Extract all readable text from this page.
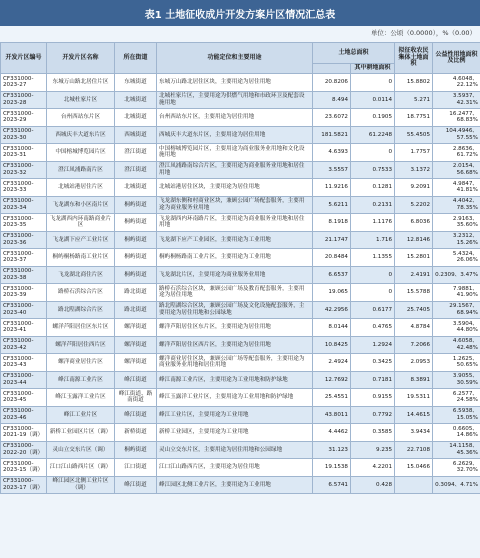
表1 土地征收成片开发方案片区情况汇总表
单位：公顷（0.0000），%（0.00）
开发片区编号	开发片区名称	所在街道	功能定位和主要用途	土地总面积		拟征收农民集体土地面积	公益性用地面积及比例
					其中耕地面积		
CF331000-2023-27	东城万山路北居住片区	东城街道	东城万山路北居住区块，主要用途为居住用地	20.8206	0	15.8802	4.6048、22.12%
CF331000-2023-28	北城杜家片区	北城街道	北城杜家片区，主要用途为供燃气用地和市政环卫及配套设施用地	8.494	0.0114	5.271	3.5937、42.31%
CF331000-2023-29	台州西站东片区	北城街道	台州西站东片区，主要用途为居住用地	23.6072	0.1905	18.7751	16.2477、68.83%
CF331000-2023-30	西城庆丰大道东片区	西城街道	西城庆丰大道东片区，主要用途为居住用地	181.5821	61.2248	55.4505	104.4946、57.55%
CF331000-2023-31	中国榕城博览园片区	澄江街道	中国榕城博览园片区，主要用途为商业服务业用地和文化设施用地	4.6393	0	1.7757	2.8636、61.72%
CF331000-2023-32	澄江凤浦路南片区	澄江街道	澄江凤浦路南综合片区，主要用途为商业服务业用地和居住用地	3.5557	0.7533	3.1372	2.0154、56.68%
CF331000-2023-33	北城站港居住片区	北城街道	北城站港居住区块，主要用途为居住用地	11.9216	0.1281	9.2091	4.9847、41.81%
CF331000-2023-34	飞龙湖东和小区南片区	桐屿街道	飞龙湖东侧和村商业区块，兼顾公园广场配套服务，主要用途为商业服务业用地	5.6211	0.2131	5.2202	4.4042、78.35%
CF331000-2023-35	飞龙湖西内环南路商业片区	桐屿街道	飞龙湖西内环南路片区，主要用途为商业服务业用地和居住用地	8.1918	1.1176	6.8036	2.9163、35.60%
CF331000-2023-36	飞龙湖下应产工业片区	桐屿街道	飞龙湖下应产工业园区，主要用途为工业用地	21.1747	1.716	12.8146	3.2312、15.26%
CF331000-2023-37	桐屿桐杨路南工业片区	桐屿街道	桐屿桐杨路南工业片区，主要用途为工业用地	20.8484	1.1355	15.2801	5.4324、26.06%
CF331000-2023-38	飞龙湖北商住片区	桐屿街道	飞龙湖北片区，主要用途为商业服务业用地	6.6537	0	2.4191	0.2309、3.47%
CF331000-2023-39	路桥石浜综合片区	路北街道	路桥石浜综合区块，兼顾公园广场及教育配套服务，主要用途为居住用地	19.065	0	15.5788	7.9881、41.90%
CF331000-2023-40	路北隍湖综合片区	路北街道	路北隍湖综合区块，兼顾公园广场及文化设施配套服务，主要用途为居住用地和公园绿地	42.2956	0.6177	25.7405	29.1567、68.94%
CF331000-2023-41	螺洋芦阳居住区东片区	螺洋街道	螺洋芦阳居住区东片区，主要用途为居住用地	8.0144	0.4765	4.8784	3.5904、44.80%
CF331000-2023-42	螺洋芦阳居住西片区	螺洋街道	螺洋芦阳居住区西片区，主要用途为居住用地	10.8425	1.2924	7.2066	4.6058、42.48%
CF331000-2023-43	螺洋商业居住片区	螺洋街道	螺洋商业居住区块，兼顾公园广场等配套服务，主要用途为商业服务业用地和居住用地	2.4924	0.3425	2.0953	1.2625、50.65%
CF331000-2023-44	峰江南源工业片区	峰江街道	峰江南源工业片区，主要用途为工业用地和防护绿地	12.7692	0.7181	8.3891	3.9055、30.59%
CF331000-2023-45	峰江玉露洋工业片区	峰江街道、路南街道	峰江玉露洋工业片区，主要用途为工业用地和防护绿地	25.4551	0.9155	19.5311	6.2577、24.58%
CF331000-2023-46	峰江工业片区	峰江街道	峰江工业片区，主要用途为工业用地	43.8011	0.7792	14.4615	6.5938、15.05%
CF331000-2021-19（调）	新桥工业园区片区（调）	新桥街道	新桥工业园区，主要用途为工业用地	4.4462	0.3585	3.9434	0.6605、14.86%
CF331000-2022-20（调）	灵山立交东片区（调）	桐屿街道	灵山立交东片区，主要用途为居住用地和公园绿地	31.123	9.235	22.7108	14.1158、45.36%
CF331000-2023-15（调）	江口江山路西片区（调）	江口街道	江口江山路西片区，主要用途为居住用地	19.1538	4.2201	15.0466	6.2629、32.70%
CF331000-2023-17（调）	峰江园区北侧工业片区（调）	峰江街道	峰江园区北侧工业片区，主要用途为工业用地	6.5741	0.428		0.3094、4.71%
